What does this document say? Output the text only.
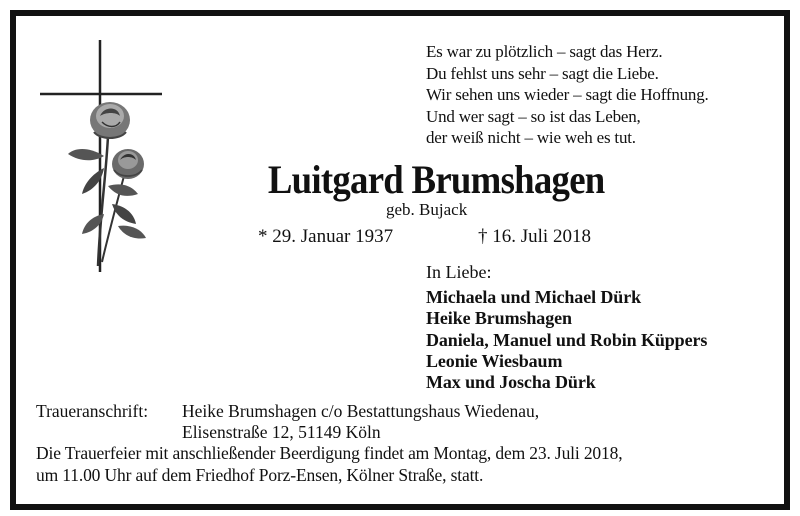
Es war zu plötzlich – sagt das Herz.
Du fehlst uns sehr – sagt die Liebe.
Wir sehen uns wieder – sagt die Hoffnung.
Und wer sagt – so ist das Leben,
der weiß nicht – wie weh es tut.
Luitgard Brumshagen
geb. Bujack
* 29. Januar 1937	† 16. Juli 2018
In Liebe:
Michaela und Michael Dürk
Heike Brumshagen
Daniela, Manuel und Robin Küppers
Leonie Wiesbaum
Max und Joscha Dürk
Traueranschrift: Heike Brumshagen c/o Bestattungshaus Wiedenau,
Elisenstraße 12, 51149 Köln
Die Trauerfeier mit anschließender Beerdigung findet am Montag, dem 23. Juli 2018,
um 11.00 Uhr auf dem Friedhof Porz-Ensen, Kölner Straße, statt.
